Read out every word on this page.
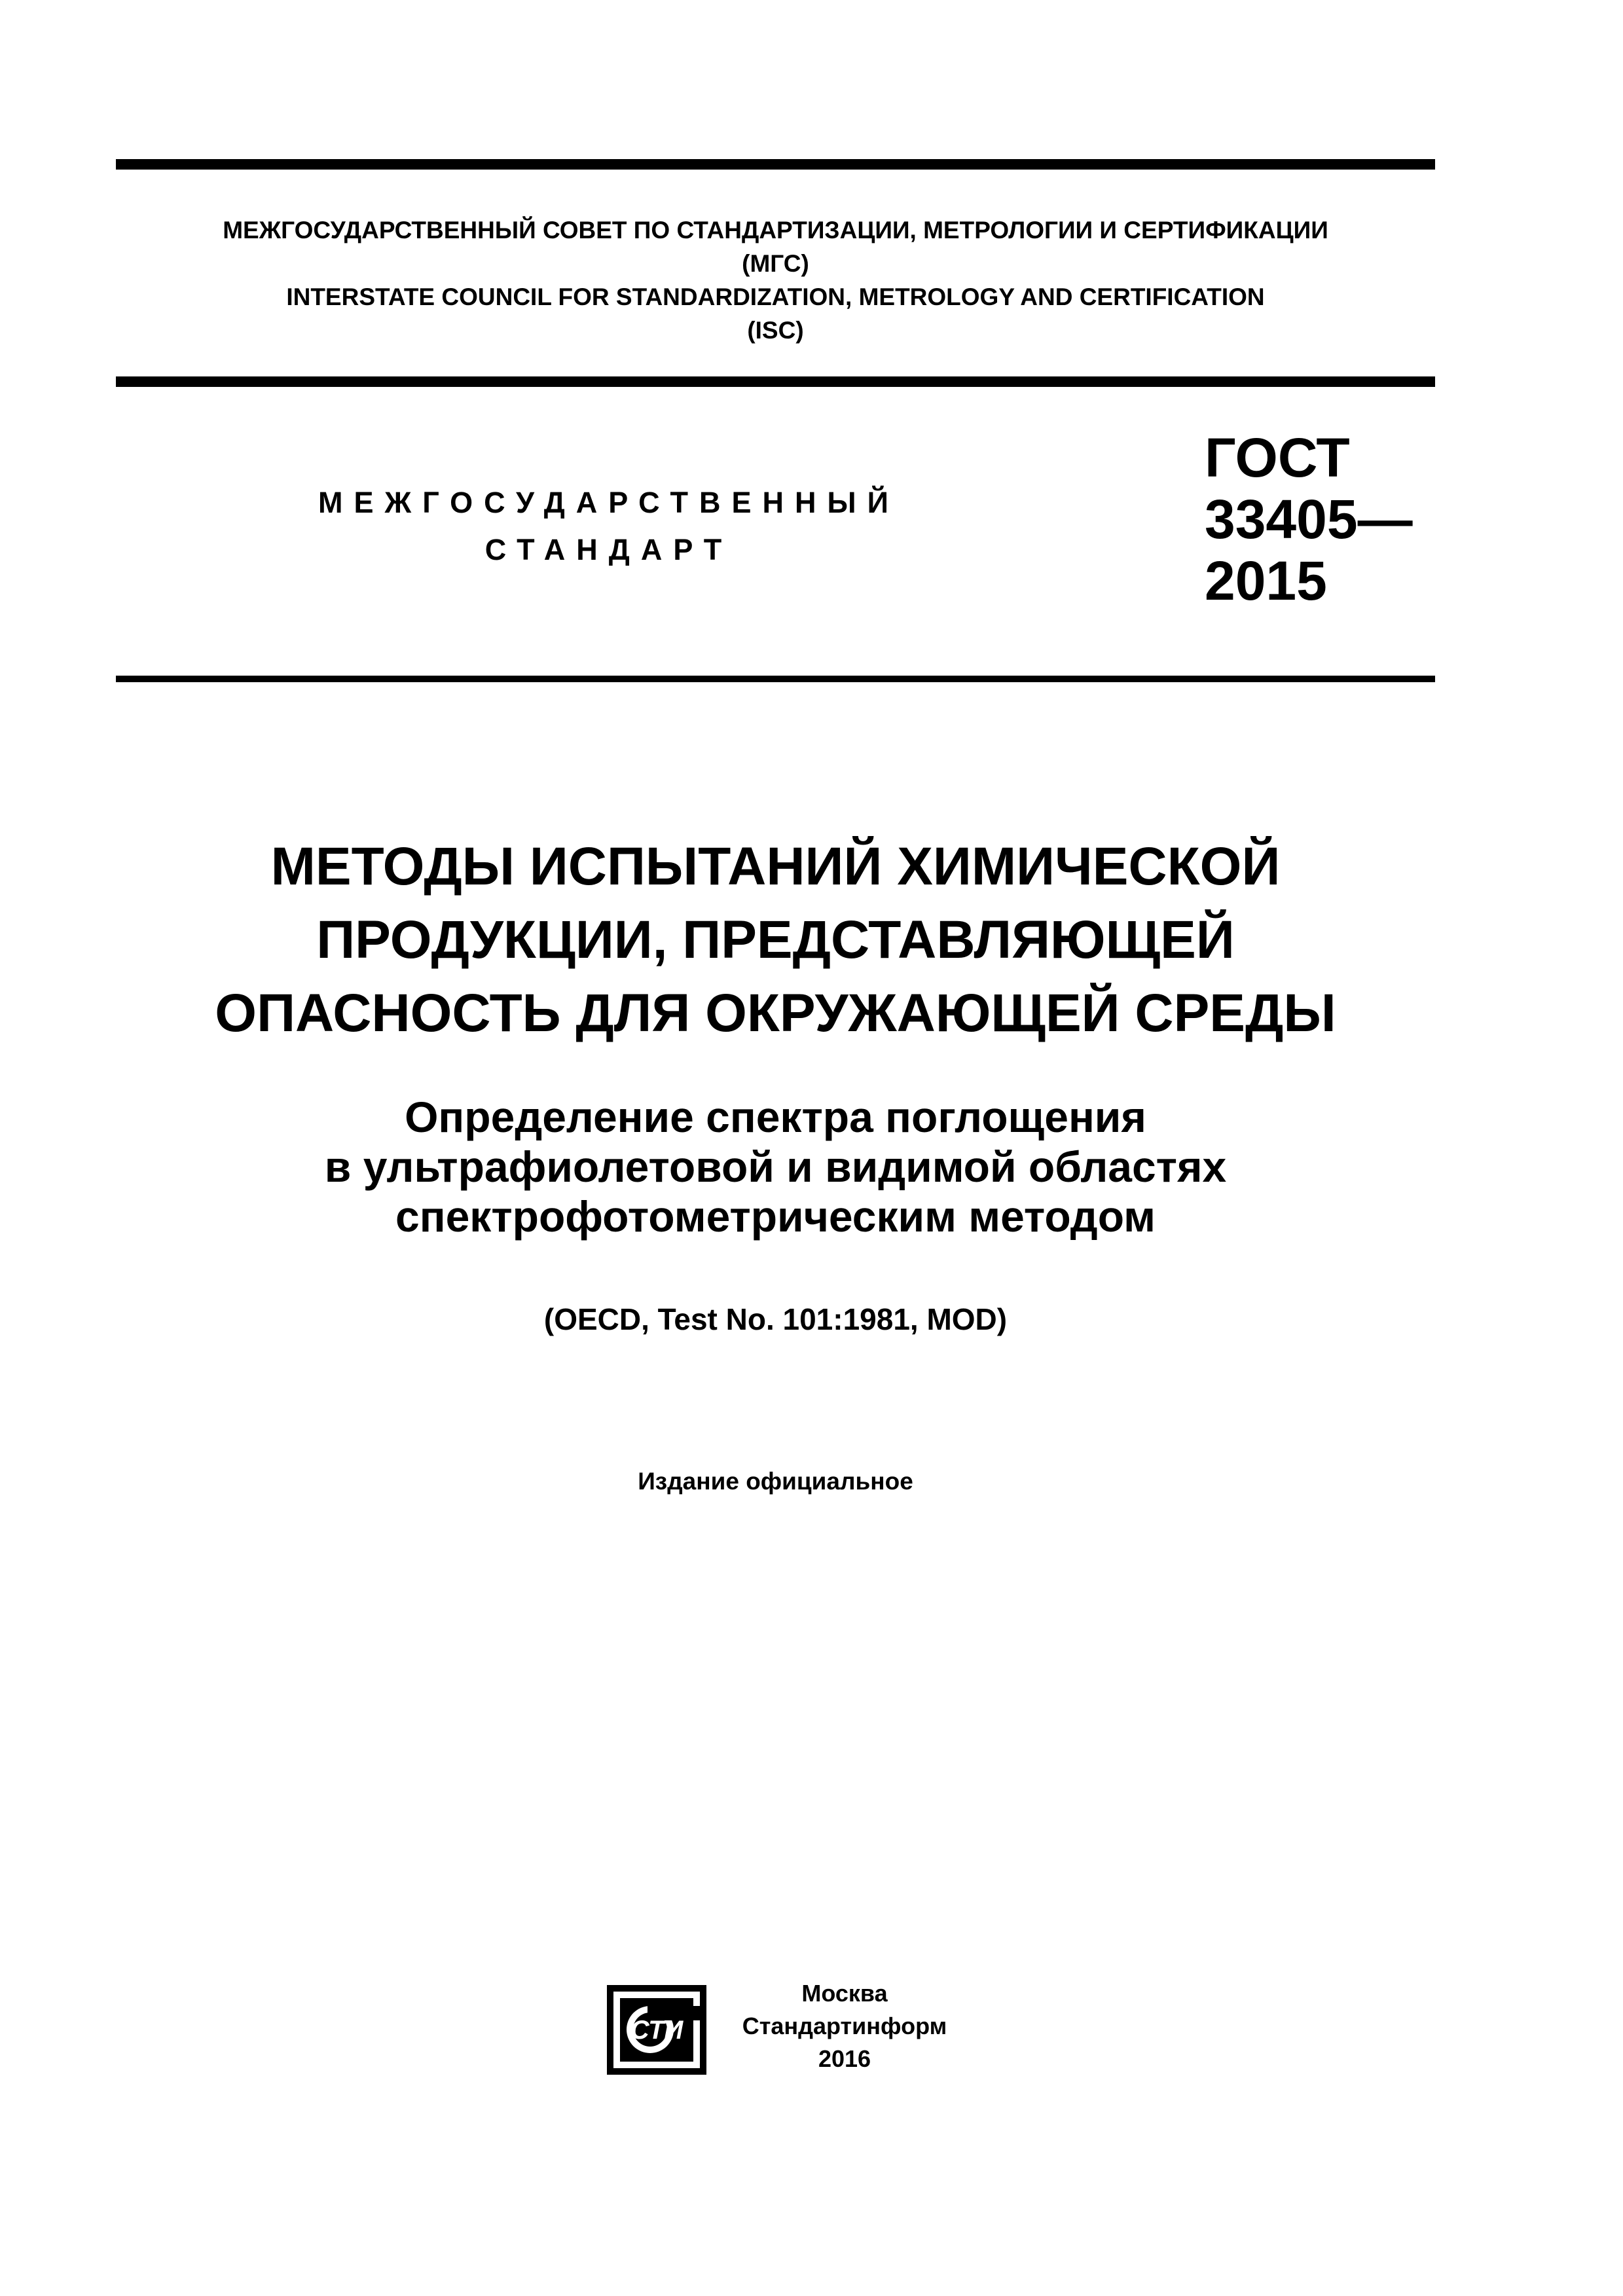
МЕЖГОСУДАРСТВЕННЫЙ СОВЕТ ПО СТАНДАРТИЗАЦИИ, МЕТРОЛОГИИ И СЕРТИФИКАЦИИ
(МГС)
INTERSTATE COUNCIL FOR STANDARDIZATION, METROLOGY AND CERTIFICATION
(ISC)
МЕЖГОСУДАРСТВЕННЫЙ
СТАНДАРТ
ГОСТ
33405—
2015
МЕТОДЫ ИСПЫТАНИЙ ХИМИЧЕСКОЙ
ПРОДУКЦИИ, ПРЕДСТАВЛЯЮЩЕЙ
ОПАСНОСТЬ ДЛЯ ОКРУЖАЮЩЕЙ СРЕДЫ
Определение спектра поглощения
в ультрафиолетовой и видимой областях
спектрофотометрическим методом
(OECD, Test No. 101:1981, MOD)
Издание официальное
СТИ
Москва
Стандартинформ
2016
